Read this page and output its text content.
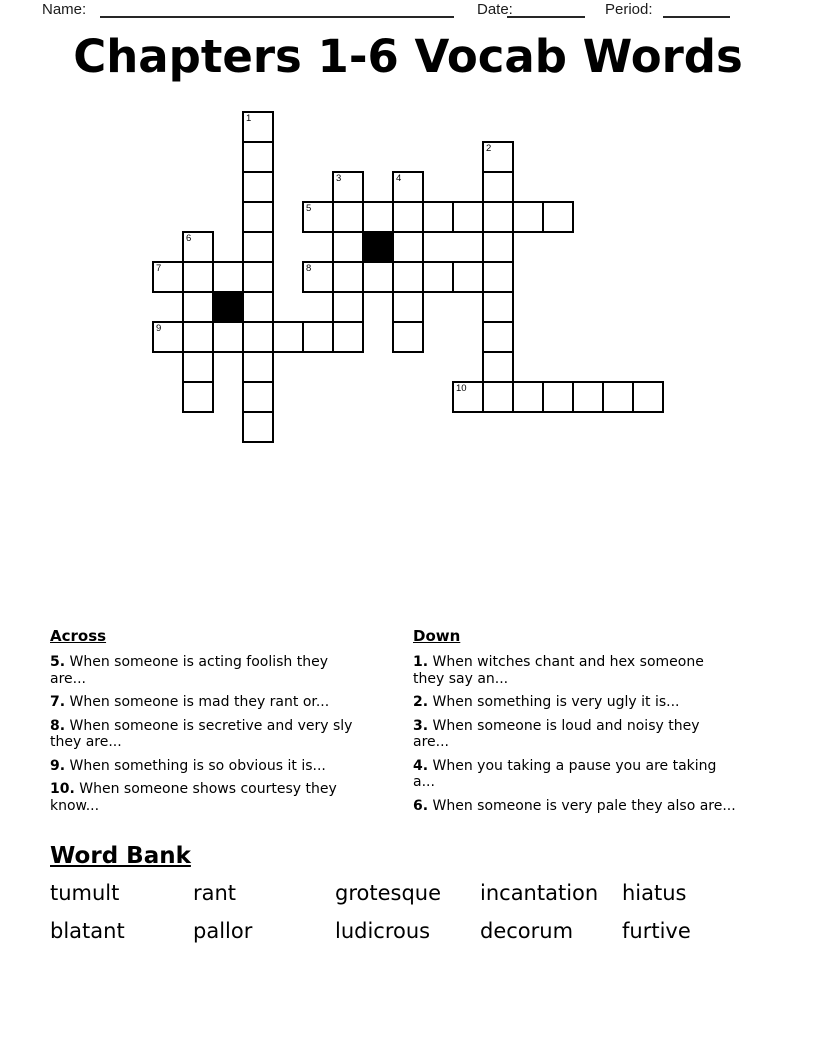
Name:	Date:	Period:
Chapters 1-6 Vocab Words
1
2
3	4
5
6
7	8
9
10
Across

5. When someone is acting foolish they are...

7. When someone is mad they rant or...

8. When someone is secretive and very sly they are...

9. When something is so obvious it is...

10. When someone shows courtesy they know...

Down

1. When witches chant and hex someone they say an...

2. When something is very ugly it is...

3. When someone is loud and noisy they are...

4. When you taking a pause you are taking a...

6. When someone is very pale they also are...

Word Bank
tumult	rant	grotesque	incantation	hiatus
blatant	pallor	ludicrous	decorum	furtive
